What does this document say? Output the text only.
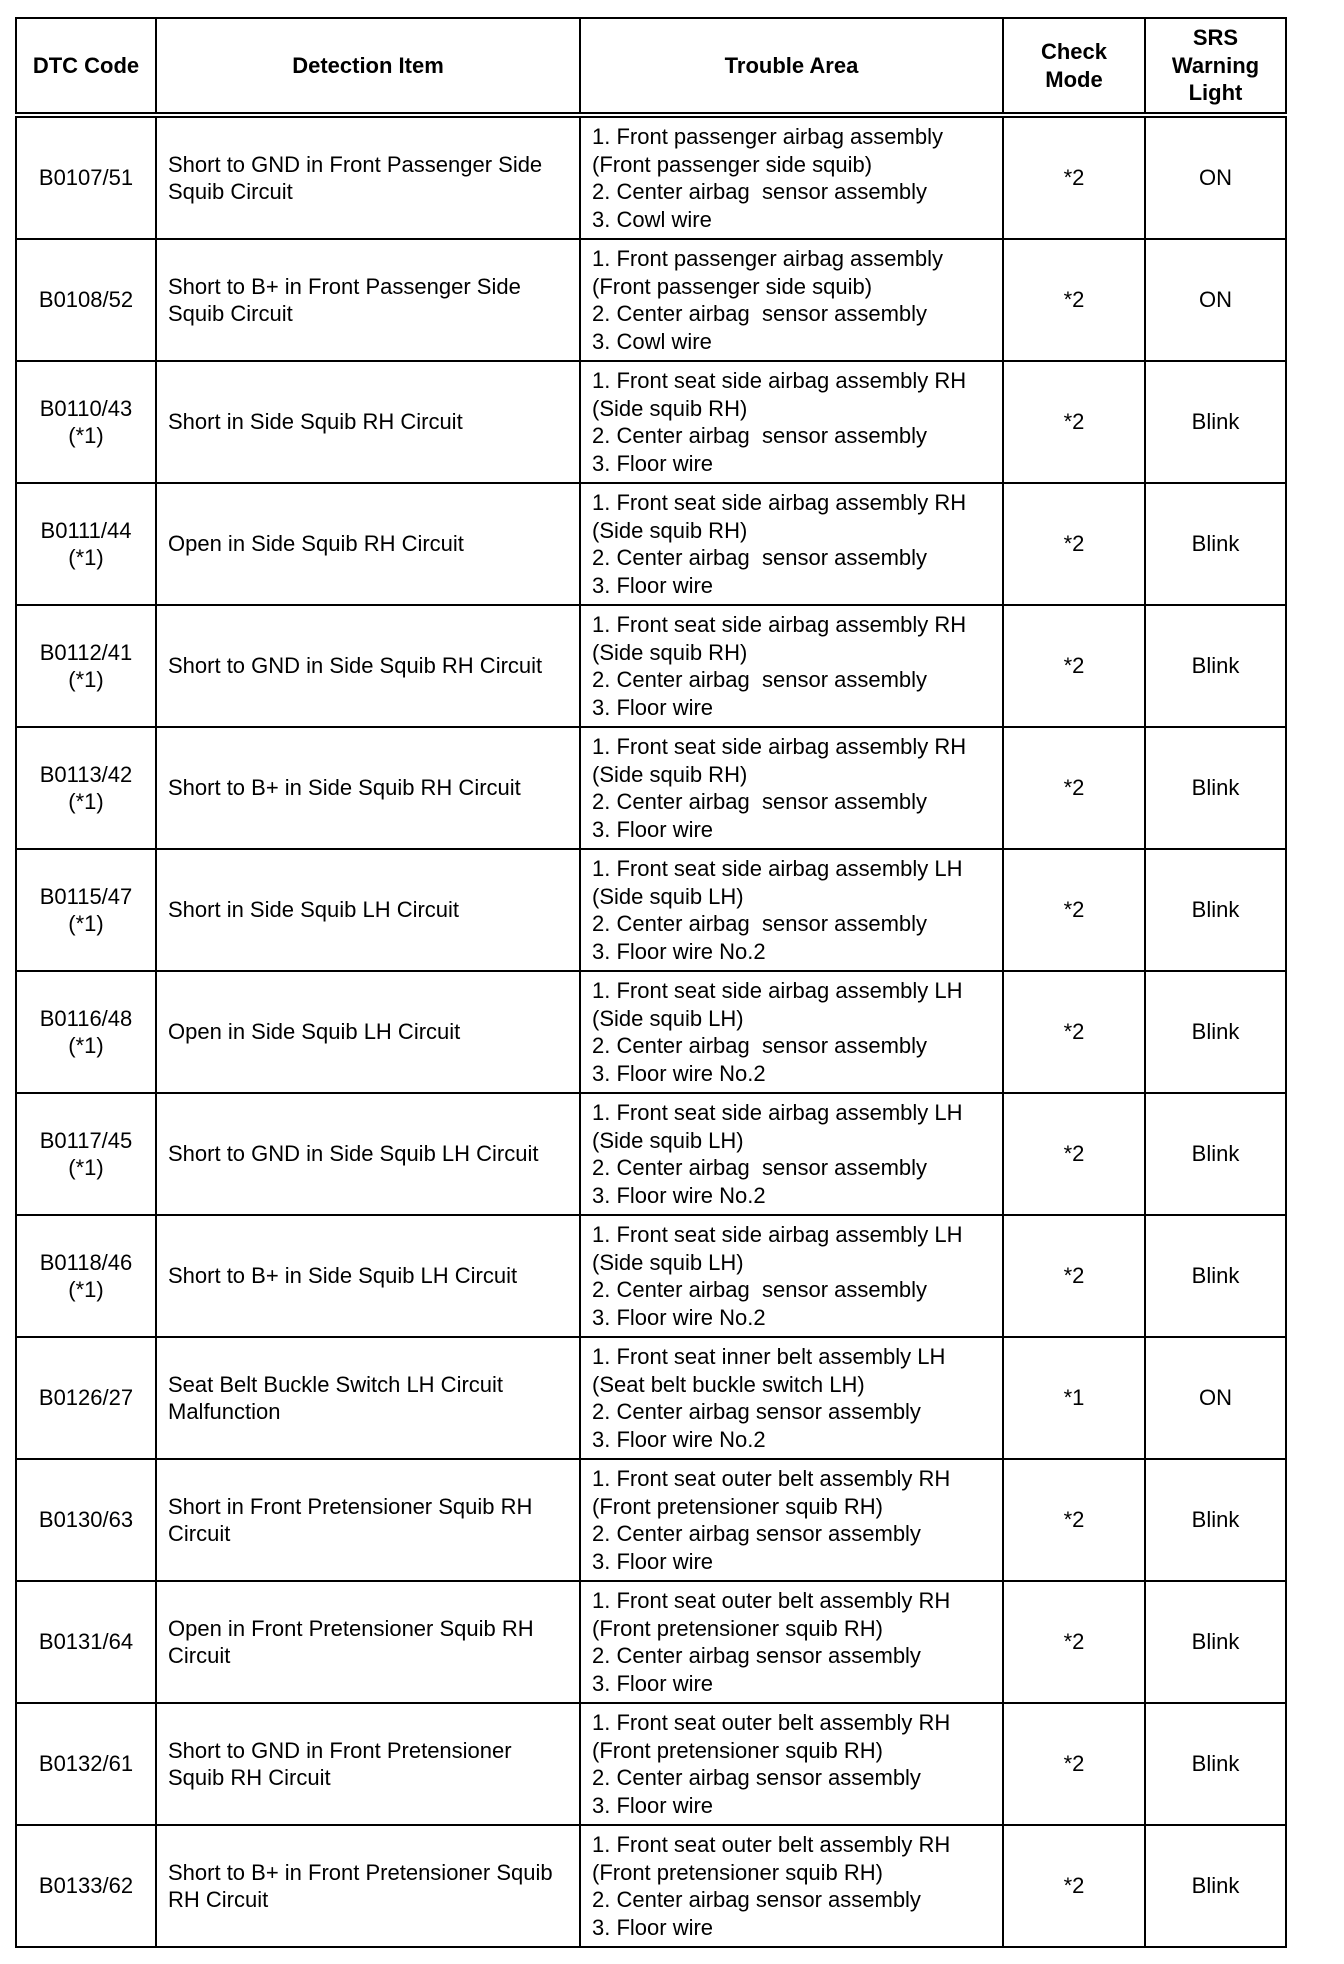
DTC Code	Detection Item	Trouble Area	Check Mode	SRS Warning Light

B0107/51	Short to GND in Front Passenger Side
Squib Circuit	1. Front passenger airbag assembly
(Front passenger side squib)
2. Center airbag  sensor assembly
3. Cowl wire	*2	ON

B0108/52	Short to B+ in Front Passenger Side
Squib Circuit	1. Front passenger airbag assembly
(Front passenger side squib)
2. Center airbag  sensor assembly
3. Cowl wire	*2	ON

B0110/43
(*1)	Short in Side Squib RH Circuit	1. Front seat side airbag assembly RH
(Side squib RH)
2. Center airbag  sensor assembly
3. Floor wire	*2	Blink

B0111/44
(*1)	Open in Side Squib RH Circuit	1. Front seat side airbag assembly RH
(Side squib RH)
2. Center airbag  sensor assembly
3. Floor wire	*2	Blink

B0112/41
(*1)	Short to GND in Side Squib RH Circuit	1. Front seat side airbag assembly RH
(Side squib RH)
2. Center airbag  sensor assembly
3. Floor wire	*2	Blink

B0113/42
(*1)	Short to B+ in Side Squib RH Circuit	1. Front seat side airbag assembly RH
(Side squib RH)
2. Center airbag  sensor assembly
3. Floor wire	*2	Blink

B0115/47
(*1)	Short in Side Squib LH Circuit	1. Front seat side airbag assembly LH
(Side squib LH)
2. Center airbag  sensor assembly
3. Floor wire No.2	*2	Blink

B0116/48
(*1)	Open in Side Squib LH Circuit	1. Front seat side airbag assembly LH
(Side squib LH)
2. Center airbag  sensor assembly
3. Floor wire No.2	*2	Blink

B0117/45
(*1)	Short to GND in Side Squib LH Circuit	1. Front seat side airbag assembly LH
(Side squib LH)
2. Center airbag  sensor assembly
3. Floor wire No.2	*2	Blink

B0118/46
(*1)	Short to B+ in Side Squib LH Circuit	1. Front seat side airbag assembly LH
(Side squib LH)
2. Center airbag  sensor assembly
3. Floor wire No.2	*2	Blink

B0126/27	Seat Belt Buckle Switch LH Circuit
Malfunction	1. Front seat inner belt assembly LH
(Seat belt buckle switch LH)
2. Center airbag sensor assembly
3. Floor wire No.2	*1	ON

B0130/63	Short in Front Pretensioner Squib RH
Circuit	1. Front seat outer belt assembly RH
(Front pretensioner squib RH)
2. Center airbag sensor assembly
3. Floor wire	*2	Blink

B0131/64	Open in Front Pretensioner Squib RH
Circuit	1. Front seat outer belt assembly RH
(Front pretensioner squib RH)
2. Center airbag sensor assembly
3. Floor wire	*2	Blink

B0132/61	Short to GND in Front Pretensioner
Squib RH Circuit	1. Front seat outer belt assembly RH
(Front pretensioner squib RH)
2. Center airbag sensor assembly
3. Floor wire	*2	Blink

B0133/62	Short to B+ in Front Pretensioner Squib
RH Circuit	1. Front seat outer belt assembly RH
(Front pretensioner squib RH)
2. Center airbag sensor assembly
3. Floor wire	*2	Blink
